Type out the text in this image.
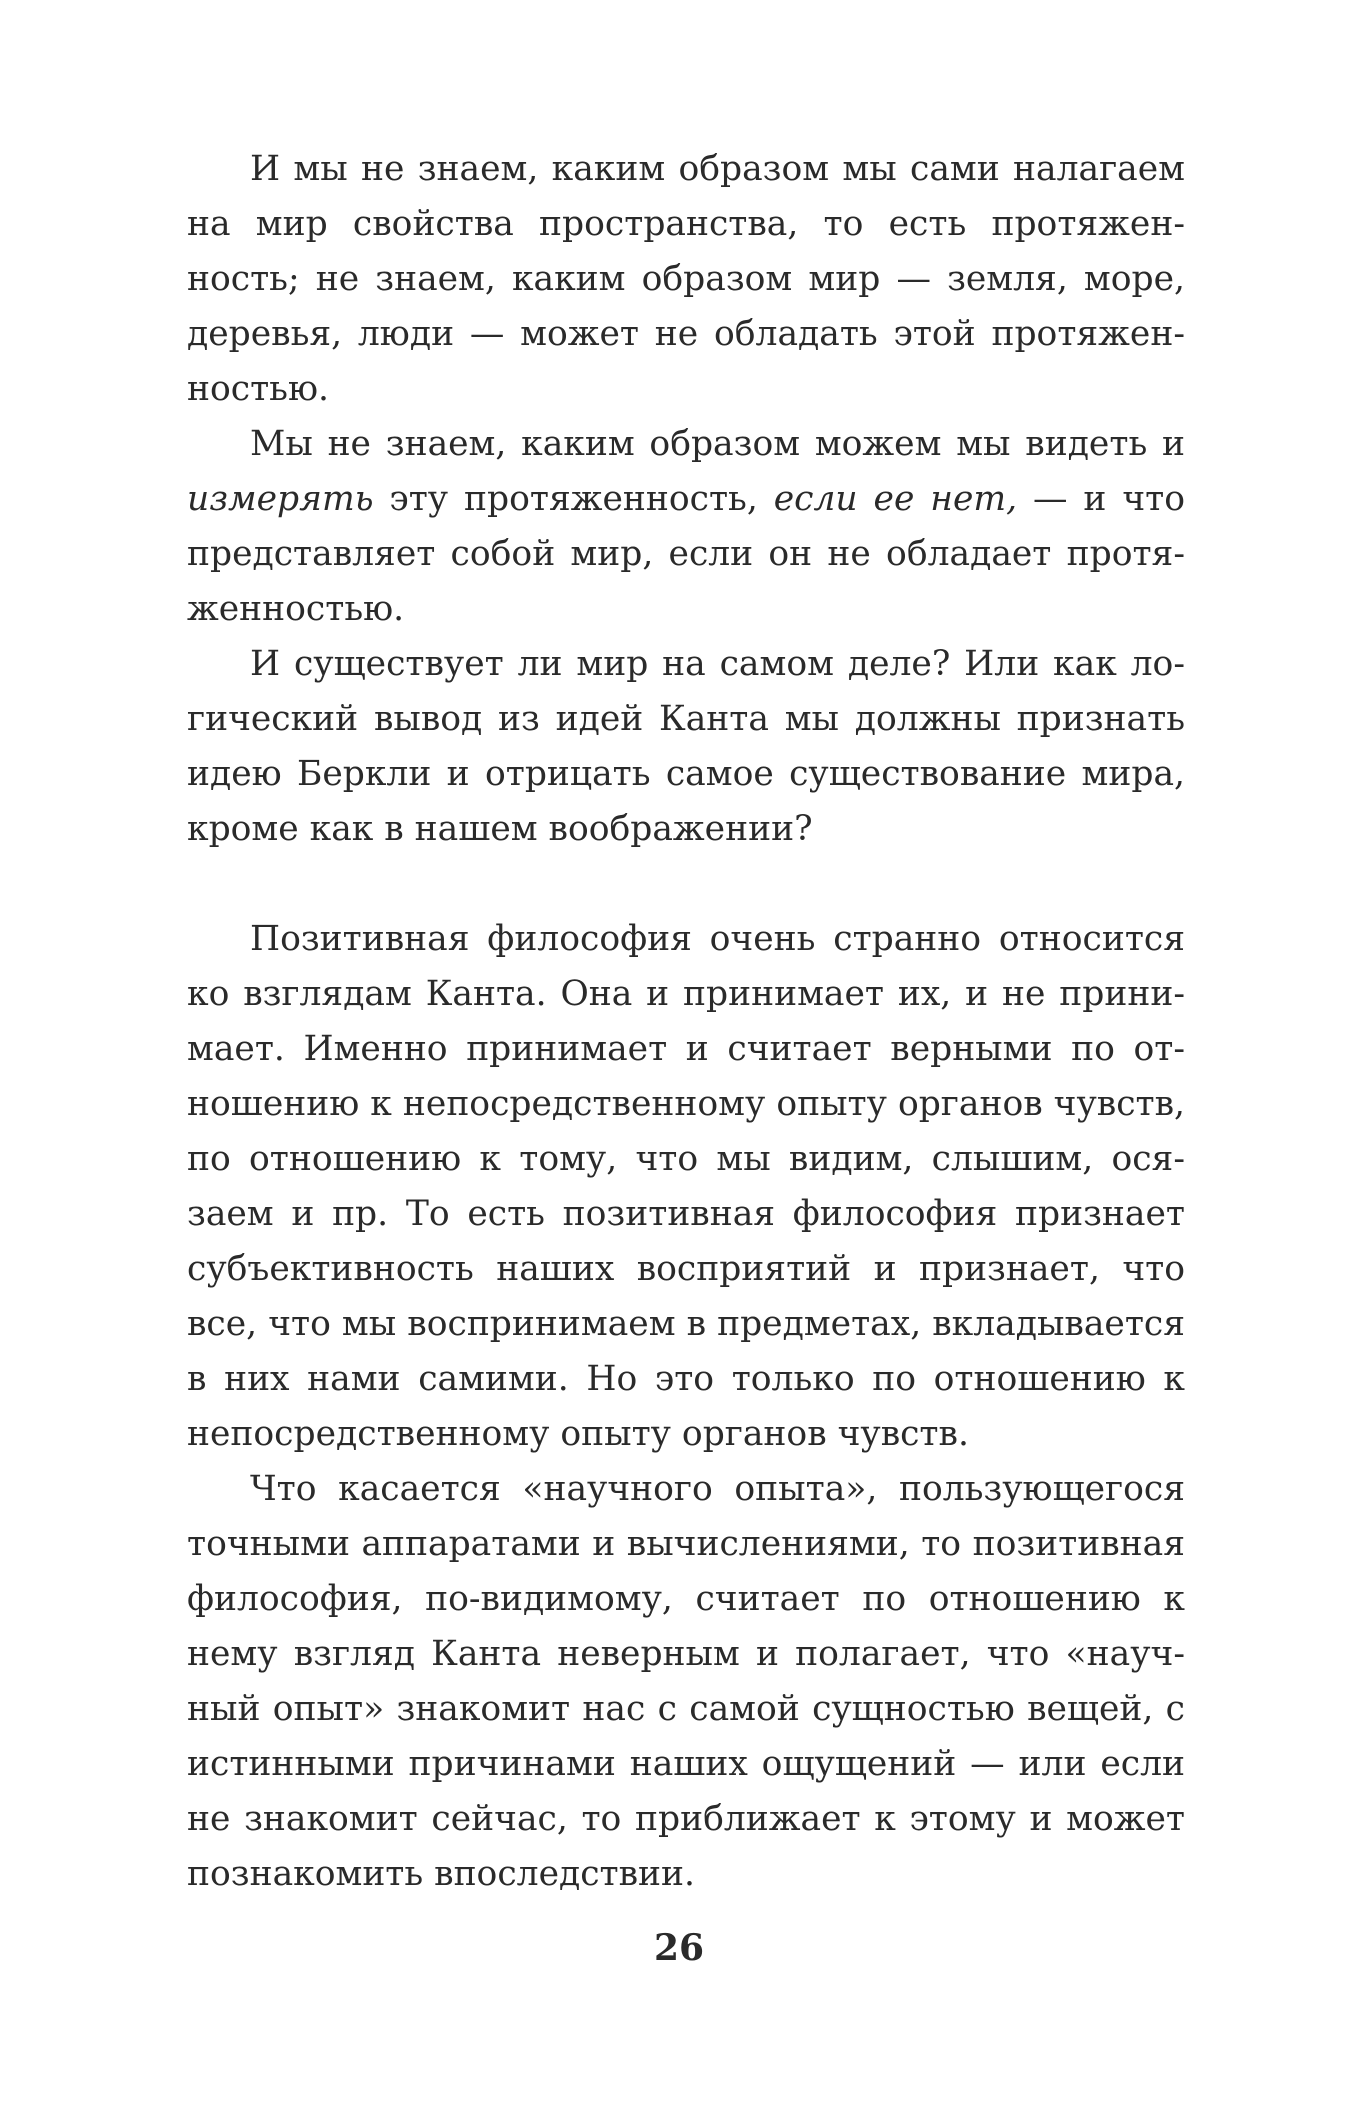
И мы не знаем, каким образом мы сами налагаем на мир свойства пространства, то есть протяженность; не знаем, каким образом мир — земля, море, деревья, люди — может не обладать этой протяженностью.

Мы не знаем, каким образом можем мы видеть и измерять эту протяженность, если ее нет, — и что представляет собой мир, если он не обладает протяженностью.

И существует ли мир на самом деле? Или как логический вывод из идей Канта мы должны признать идею Беркли и отрицать самое существование мира, кроме как в нашем воображении?

Позитивная философия очень странно относится ко взглядам Канта. Она и принимает их, и не принимает. Именно принимает и считает верными по отношению к непосредственному опыту органов чувств, по отношению к тому, что мы видим, слышим, осязаем и пр. То есть позитивная философия признает субъективность наших восприятий и признает, что все, что мы воспринимаем в предметах, вкладывается в них нами самими. Но это только по отношению к непосредственному опыту органов чувств.

Что касается «научного опыта», пользующегося точными аппаратами и вычислениями, то позитивная философия, по-видимому, считает по отношению к нему взгляд Канта неверным и полагает, что «научный опыт» знакомит нас с самой сущностью вещей, с истинными причинами наших ощущений — или если не знакомит сейчас, то приближает к этому и может познакомить впоследствии.

26
